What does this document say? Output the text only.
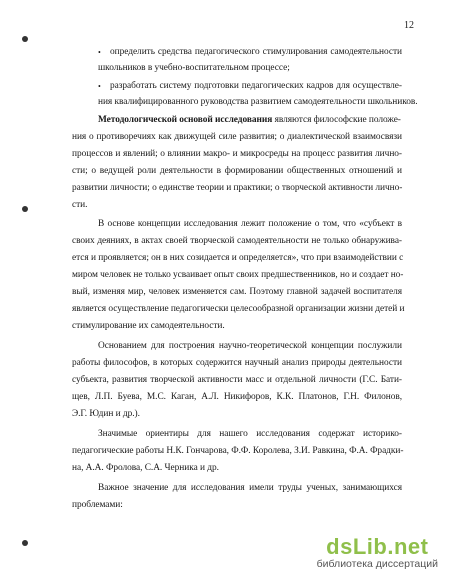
12
• определить средства педагогического стимулирования самодеятельности
школьников в учебно-воспитательном процессе;
• разработать систему подготовки педагогических кадров для осуществле-
ния квалифицированного руководства развитием самодеятельности школьников.
Методологической основой исследования являются философские положе-
ния о противоречиях как движущей силе развития; о диалектической взаимосвязи
процессов и явлений; о влиянии макро- и микросреды на процесс развития лично-
сти; о ведущей роли деятельности в формировании общественных отношений и
развитии личности; о единстве теории и практики; о творческой активности лично-
сти.
В основе концепции исследования лежит положение о том, что «субъект в
своих деяниях, в актах своей творческой самодеятельности не только обнаружива-
ется и проявляется; он в них созидается и определяется», что при взаимодействии с
миром человек не только усваивает опыт своих предшественников, но и создает но-
вый, изменяя мир, человек изменяется сам. Поэтому главной задачей воспитателя
является осуществление педагогически целесообразной организации жизни детей и
стимулирование их самодеятельности.
Основанием для построения научно-теоретической концепции послужили
работы философов, в которых содержится научный анализ природы деятельности
субъекта, развития творческой активности масс и отдельной личности (Г.С. Бати-
щев, Л.П. Буева, М.С. Каган, А.Л. Никифоров, К.К. Платонов, Г.Н. Филонов,
Э.Г. Юдин и др.).
Значимые ориентиры для нашего исследования содержат историко-
педагогические работы Н.К. Гончарова, Ф.Ф. Королева, З.И. Равкина, Ф.А. Фрадки-
на, А.А. Фролова, С.А. Черника и др.
Важное значение для исследования имели труды ученых, занимающихся
проблемами:
dsLib.net
библиотека диссертаций
